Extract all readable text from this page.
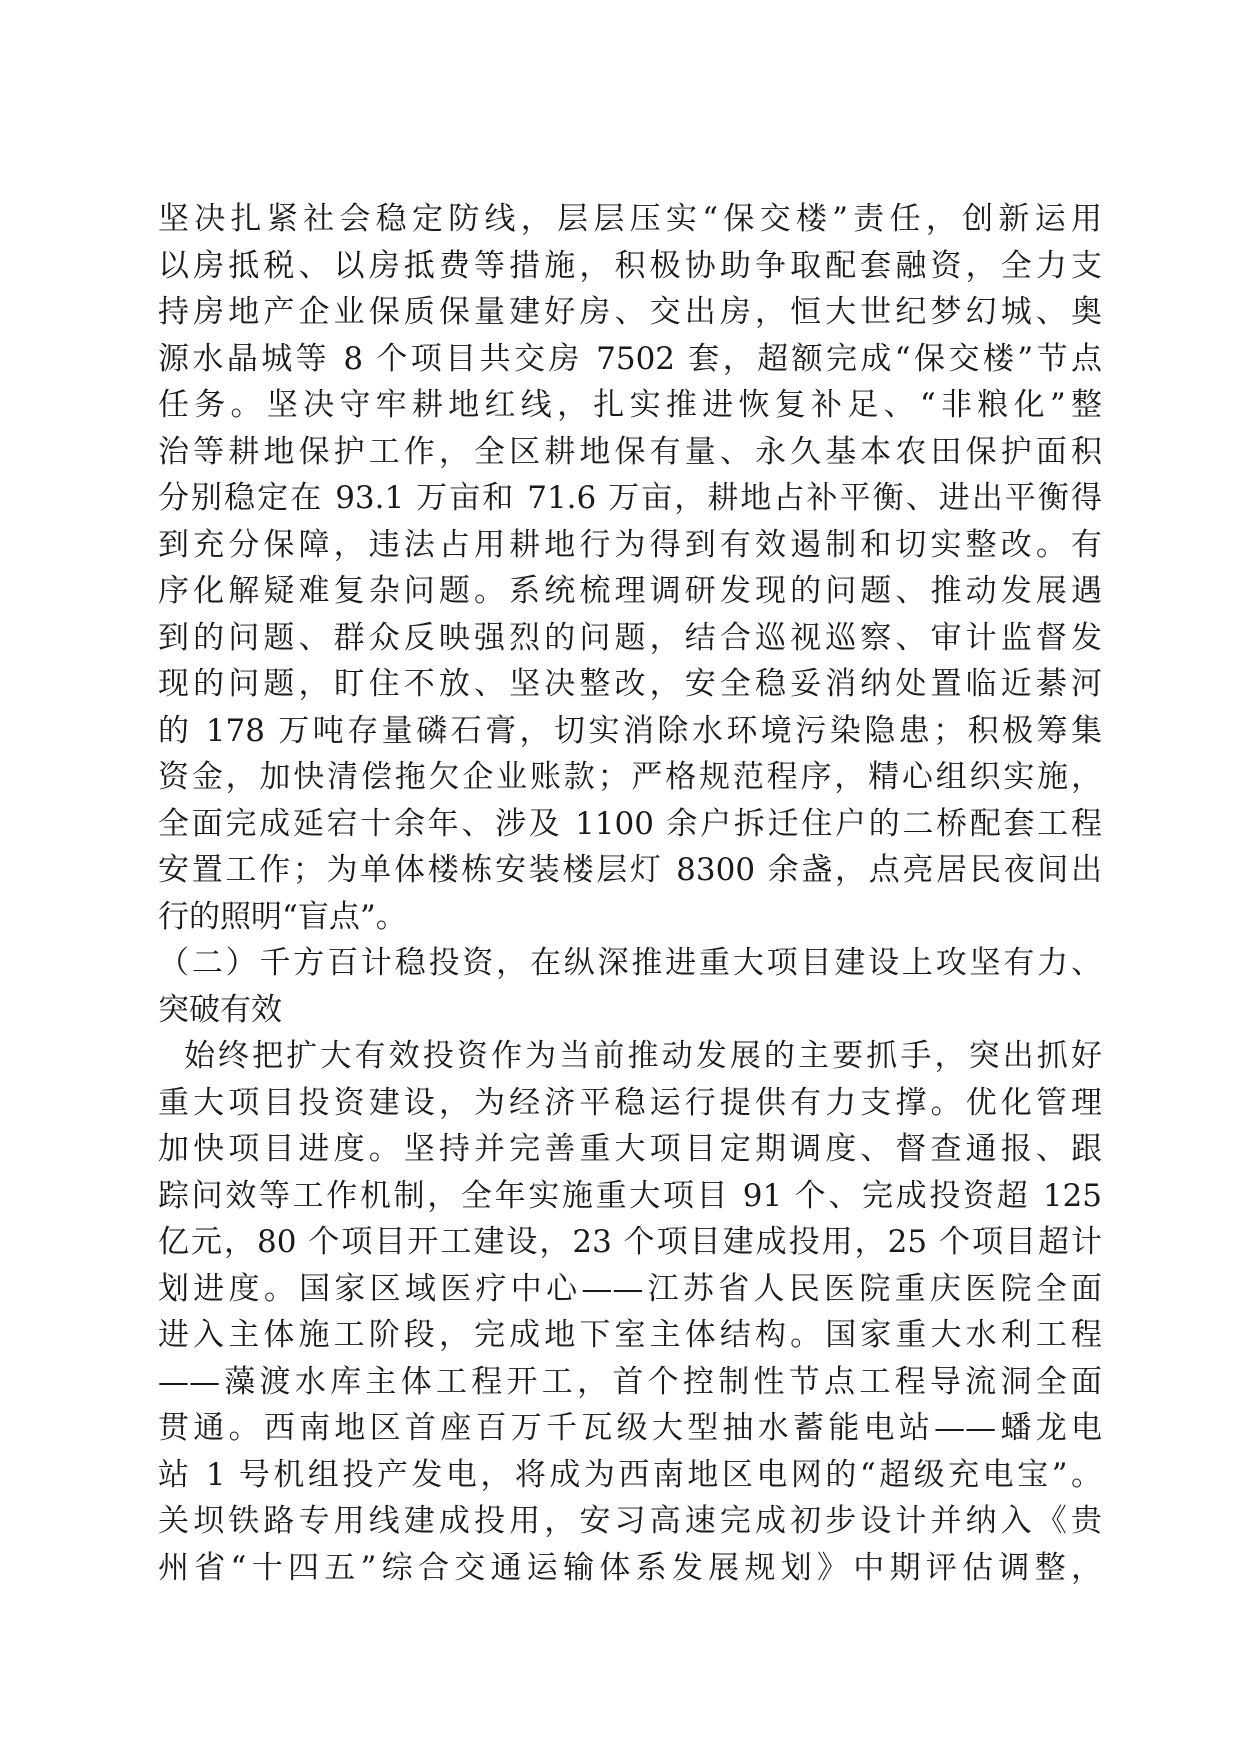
坚决扎紧社会稳定防线，层层压实“保交楼”责任，创新运用
以房抵税、以房抵费等措施，积极协助争取配套融资，全力支
持房地产企业保质保量建好房、交出房，恒大世纪梦幻城、奥
源水晶城等 8 个项目共交房 7502 套，超额完成“保交楼”节点
任务。坚决守牢耕地红线，扎实推进恢复补足、“非粮化”整
治等耕地保护工作，全区耕地保有量、永久基本农田保护面积
分别稳定在 93.1 万亩和 71.6 万亩，耕地占补平衡、进出平衡得
到充分保障，违法占用耕地行为得到有效遏制和切实整改。有
序化解疑难复杂问题。系统梳理调研发现的问题、推动发展遇
到的问题、群众反映强烈的问题，结合巡视巡察、审计监督发
现的问题，盯住不放、坚决整改，安全稳妥消纳处置临近綦河
的 178 万吨存量磷石膏，切实消除水环境污染隐患；积极筹集
资金，加快清偿拖欠企业账款；严格规范程序，精心组织实施，
全面完成延宕十余年、涉及 1100 余户拆迁住户的二桥配套工程
安置工作；为单体楼栋安装楼层灯 8300 余盏，点亮居民夜间出
行的照明“盲点”。
（二）千方百计稳投资，在纵深推进重大项目建设上攻坚有力、
突破有效
始终把扩大有效投资作为当前推动发展的主要抓手，突出抓好
重大项目投资建设，为经济平稳运行提供有力支撑。优化管理
加快项目进度。坚持并完善重大项目定期调度、督查通报、跟
踪问效等工作机制，全年实施重大项目 91 个、完成投资超 125
亿元，80 个项目开工建设，23 个项目建成投用，25 个项目超计
划进度。国家区域医疗中心——江苏省人民医院重庆医院全面
进入主体施工阶段，完成地下室主体结构。国家重大水利工程
——藻渡水库主体工程开工，首个控制性节点工程导流洞全面
贯通。西南地区首座百万千瓦级大型抽水蓄能电站——蟠龙电
站 1 号机组投产发电，将成为西南地区电网的“超级充电宝”。
关坝铁路专用线建成投用，安习高速完成初步设计并纳入《贵
州省“十四五”综合交通运输体系发展规划》中期评估调整，
